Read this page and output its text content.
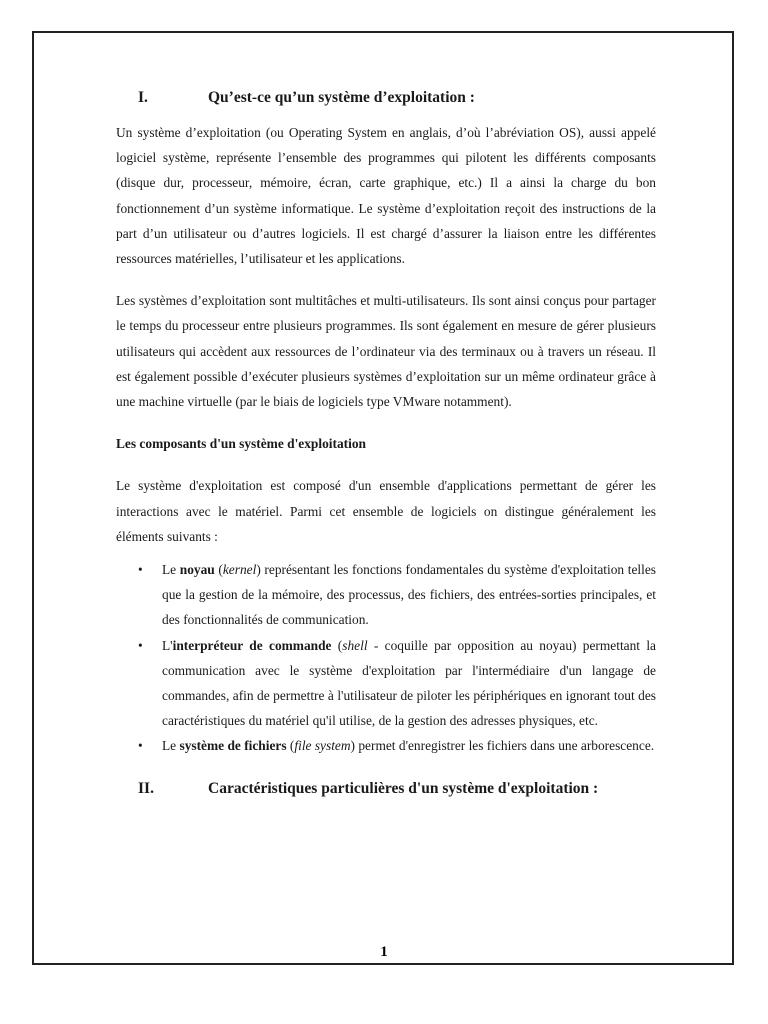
I.	Qu’est-ce qu’un système d’exploitation :

Un système d’exploitation (ou Operating System en anglais, d’où l’abréviation OS), aussi appelé logiciel système, représente l’ensemble des programmes qui pilotent les différents composants (disque dur, processeur, mémoire, écran, carte graphique, etc.) Il a ainsi la charge du bon fonctionnement d’un système informatique. Le système d’exploitation reçoit des instructions de la part d’un utilisateur ou d’autres logiciels. Il est chargé d’assurer la liaison entre les différentes ressources matérielles, l’utilisateur et les applications.

Les systèmes d’exploitation sont multitâches et multi-utilisateurs. Ils sont ainsi conçus pour partager le temps du processeur entre plusieurs programmes. Ils sont également en mesure de gérer plusieurs utilisateurs qui accèdent aux ressources de l’ordinateur via des terminaux ou à travers un réseau. Il est également possible d’exécuter plusieurs systèmes d’exploitation sur un même ordinateur grâce à une machine virtuelle (par le biais de logiciels type VMware notamment).

Les composants d'un système d'exploitation

Le système d'exploitation est composé d'un ensemble d'applications permettant de gérer les interactions avec le matériel. Parmi cet ensemble de logiciels on distingue généralement les éléments suivants :

• Le noyau (kernel) représentant les fonctions fondamentales du système d'exploitation telles que la gestion de la mémoire, des processus, des fichiers, des entrées-sorties principales, et des fonctionnalités de communication.
• L'interpréteur de commande (shell - coquille par opposition au noyau) permettant la communication avec le système d'exploitation par l'intermédiaire d'un langage de commandes, afin de permettre à l'utilisateur de piloter les périphériques en ignorant tout des caractéristiques du matériel qu'il utilise, de la gestion des adresses physiques, etc.
• Le système de fichiers (file system) permet d'enregistrer les fichiers dans une arborescence.
II.	Caractéristiques particulières d'un système d'exploitation :
1
